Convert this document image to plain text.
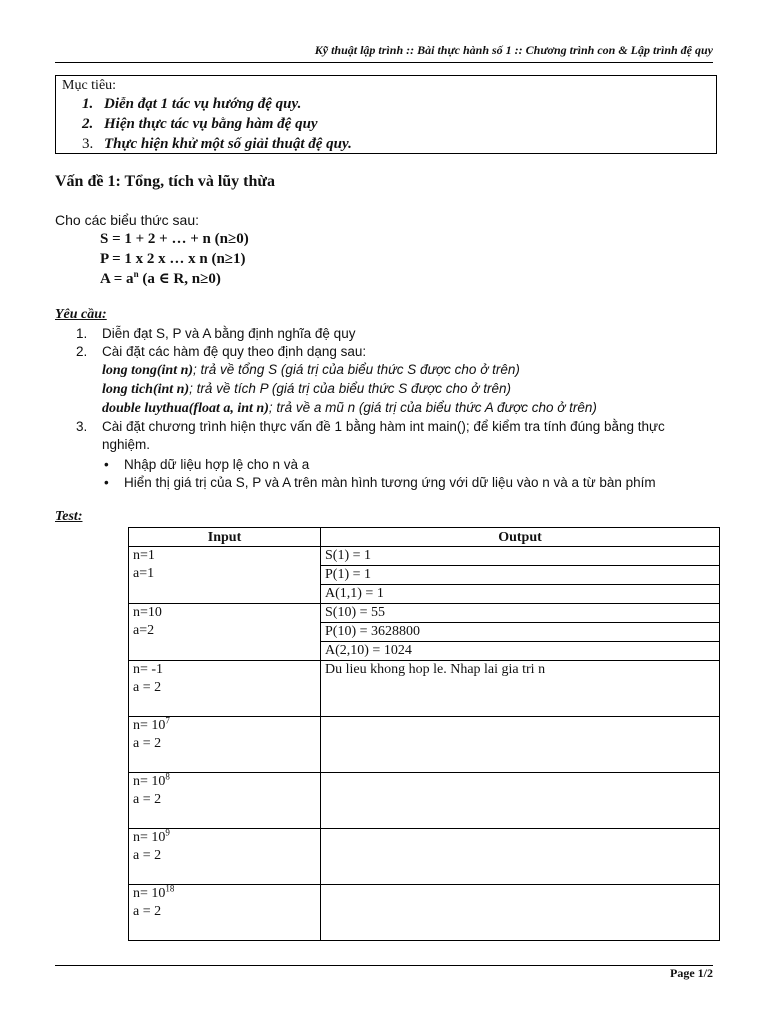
Kỹ thuật lập trình :: Bài thực hành số 1 :: Chương trình con & Lập trình đệ quy
Mục tiêu:
1. Diễn đạt 1 tác vụ hướng đệ quy.
2. Hiện thực tác vụ bằng hàm đệ quy
3. Thực hiện khử một số giải thuật đệ quy.
Vấn đề 1: Tổng, tích và lũy thừa
Cho các biểu thức sau:
S = 1 + 2 + … + n (n≥0)
P = 1 x 2 x … x n (n≥1)
$A = a^n$ (a ∈ R, n≥0)
Yêu cầu:
1. Diễn đạt S, P và A bằng định nghĩa đệ quy
2. Cài đặt các hàm đệ quy theo định dạng sau:
long tong(int n); trả về tổng S (giá trị của biểu thức S được cho ở trên)
long tich(int n); trả về tích P (giá trị của biểu thức S được cho ở trên)
double luythua(float a, int n); trả về a mũ n (giá trị của biểu thức A được cho ở trên)
3. Cài đặt chương trình hiện thực vấn đề 1 bằng hàm int main(); để kiểm tra tính đúng bằng thực nghiệm.
• Nhập dữ liệu hợp lệ cho n và a
• Hiển thị giá trị của S, P và A trên màn hình tương ứng với dữ liệu vào n và a từ bàn phím
Test:
Input	Output

n=1
a=1	S(1) = 1
	P(1) = 1
	A(1,1) = 1

n=10
a=2	S(10) = 55
	P(10) = 3628800
	A(2,10) = 1024

n= -1
a = 2	Du lieu khong hop le. Nhap lai gia tri n

$n= 10^7$
a = 2	

$n= 10^8$
a = 2	

$n= 10^9$
a = 2	

$n= 10^{18}$
a = 2	

Page 1/2
